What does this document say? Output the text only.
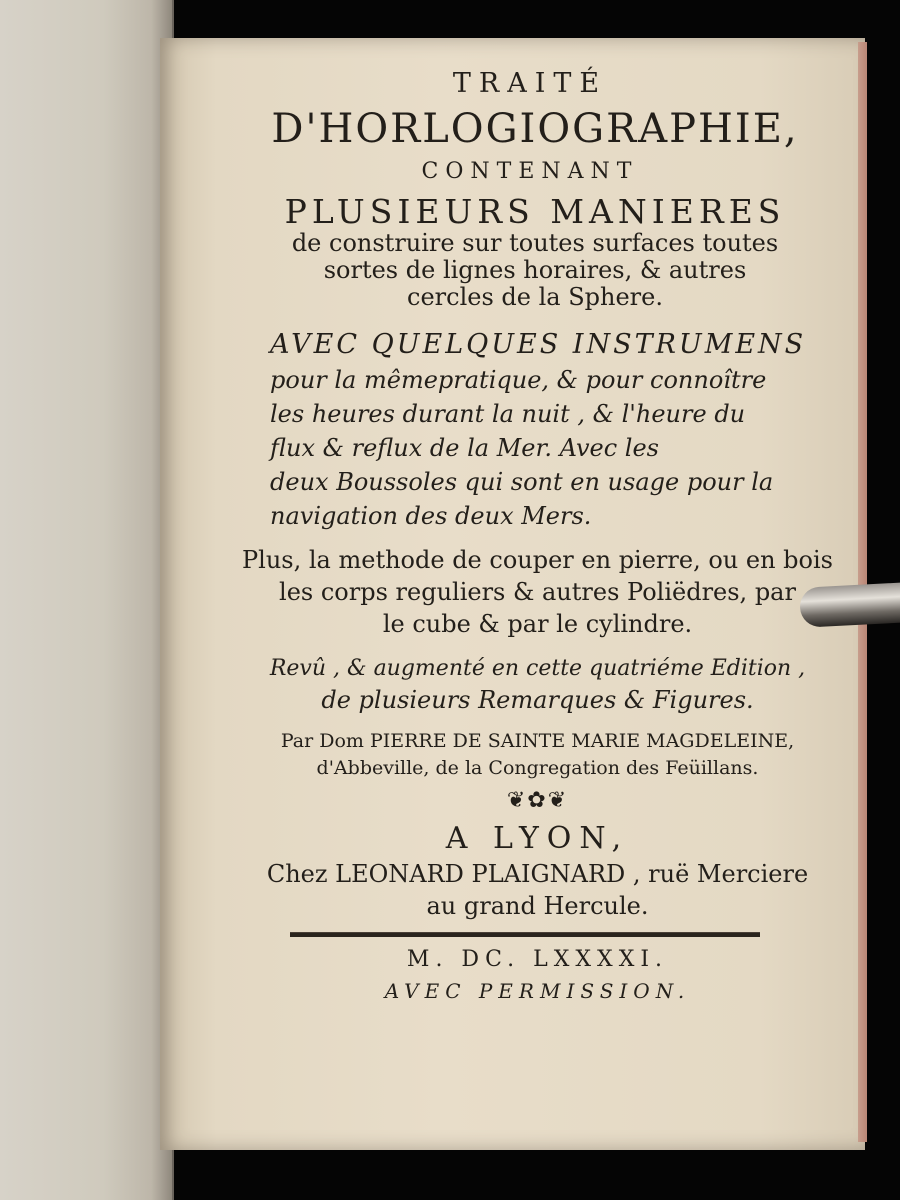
TRAITÉ
D'HORLOGIOGRAPHIE,
CONTENANT
PLUSIEURS MANIERES
de construire sur toutes surfaces toutes
sortes de lignes horaires, & autres
cercles de la Sphere.
AVEC QUELQUES INSTRUMENS
pour la mêmepratique, & pour connoître
les heures durant la nuit , & l'heure du
flux & reflux de la Mer. Avec les
deux Boussoles qui sont en usage pour la
navigation des deux Mers.
Plus, la methode de couper en pierre, ou en bois
les corps reguliers & autres Poliëdres, par
le cube & par le cylindre.
Revû , & augmenté en cette quatriéme Edition ,
de plusieurs Remarques & Figures.
Par Dom PIERRE DE SAINTE MARIE MAGDELEINE,
d'Abbeville, de la Congregation des Feüillans.
❦✿❦
A LYON,
Chez LEONARD PLAIGNARD , ruë Merciere
au grand Hercule.
M. DC. LXXXXI.
AVEC PERMISSION.
